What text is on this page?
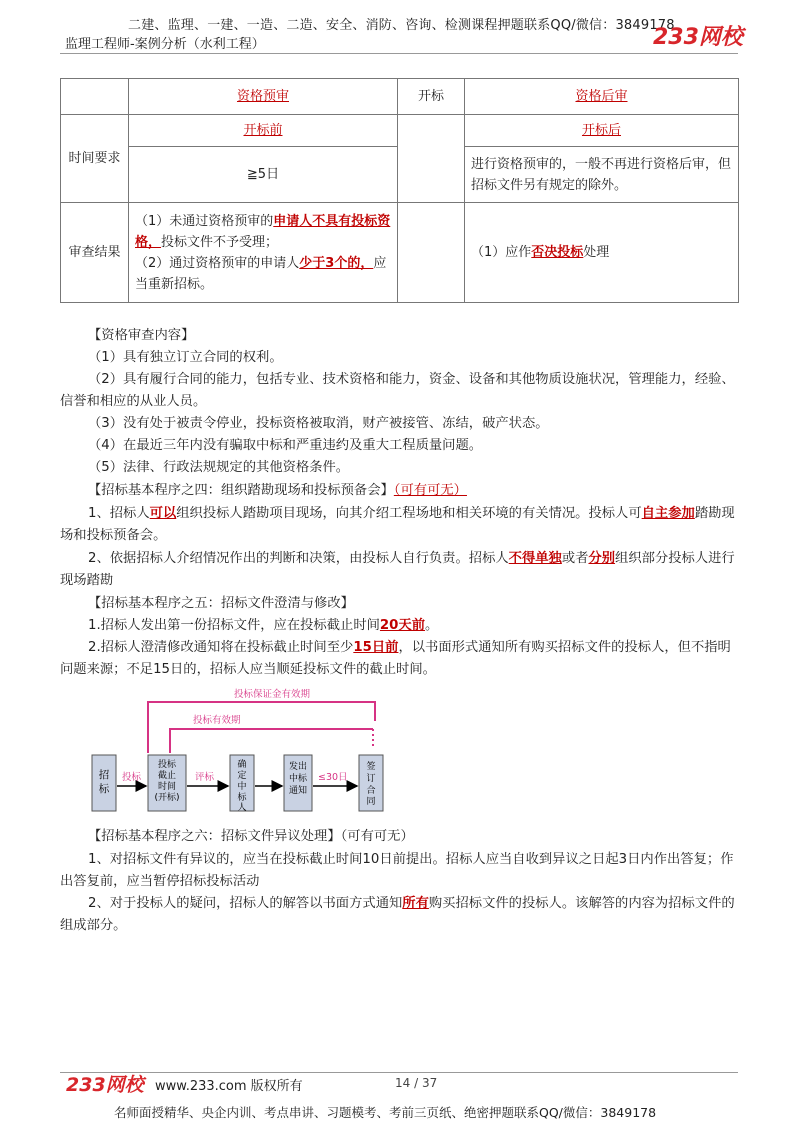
二建、监理、一建、一造、二造、安全、消防、咨询、检测课程押题联系QQ/微信：3849178
监理工程师-案例分析（水利工程）	233网校
	资格预审	开标	资格后审
时间要求	开标前		开标后
	≧5日		进行资格预审的，一般不再进行资格后审，但招标文件另有规定的除外。
审查结果	（1）未通过资格预审的申请人不具有投标资格，投标文件不予受理；
（2）通过资格预审的申请人少于3个的，应当重新招标。		（1）应作否决投标处理
【资格审查内容】
（1）具有独立订立合同的权利。
（2）具有履行合同的能力，包括专业、技术资格和能力，资金、设备和其他物质设施状况，管理能力，经验、信誉和相应的从业人员。
（3）没有处于被责令停业，投标资格被取消，财产被接管、冻结，破产状态。
（4）在最近三年内没有骗取中标和严重违约及重大工程质量问题。
（5）法律、行政法规规定的其他资格条件。
【招标基本程序之四：组织踏勘现场和投标预备会】（可有可无）
1、招标人可以组织投标人踏勘项目现场，向其介绍工程场地和相关环境的有关情况。投标人可自主参加踏勘现场和投标预备会。
2、依据招标人介绍情况作出的判断和决策，由投标人自行负责。招标人不得单独或者分别组织部分投标人进行现场踏勘
【招标基本程序之五：招标文件澄清与修改】
1.招标人发出第一份招标文件，应在投标截止时间20天前。
2.招标人澄清修改通知将在投标截止时间至少15日前，以书面形式通知所有购买招标文件的投标人，但不指明问题来源；不足15日的，招标人应当顺延投标文件的截止时间。
投标保证金有效期
投标有效期
招标
投标
投标截止时间(开标)
评标
确定中标人
发出中标通知
≤30日
签订合同
【招标基本程序之六：招标文件异议处理】（可有可无）
1、对招标文件有异议的，应当在投标截止时间10日前提出。招标人应当自收到异议之日起3日内作出答复；作出答复前，应当暂停招标投标活动
2、对于投标人的疑问，招标人的解答以书面方式通知所有购买招标文件的投标人。该解答的内容为招标文件的组成部分。
233网校 www.233.com 版权所有	14 / 37
名师面授精华、央企内训、考点串讲、习题模考、考前三页纸、绝密押题联系QQ/微信：3849178
